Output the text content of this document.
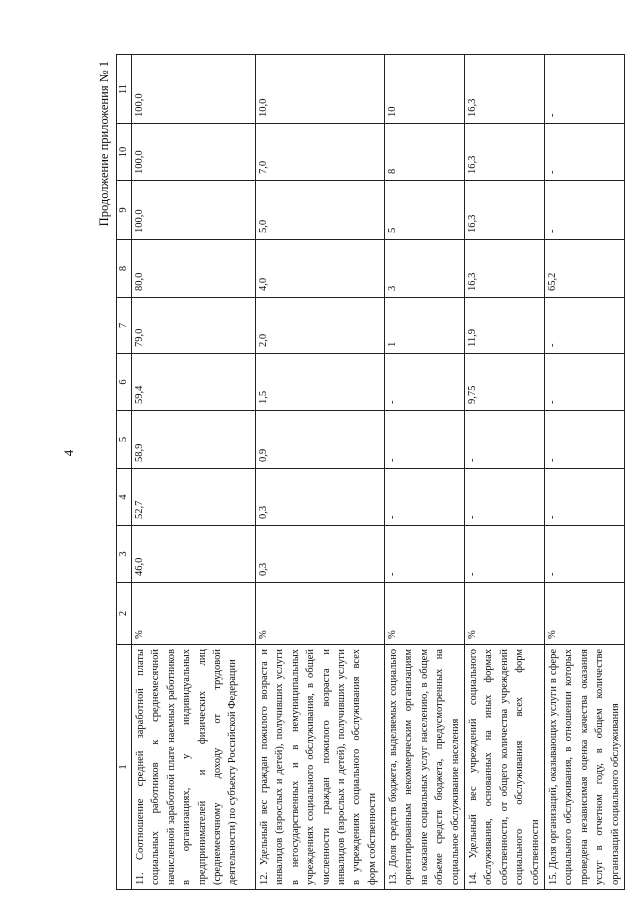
4
Продолжение приложения № 1
1	2	3	4	5	6	7	8	9	10	11
11. Соотношение средней заработной платы социальных работников к среднемесячной начисленной заработной плате наемных работников в организациях, у индивидуальных предпринимателей и физических лиц (среднемесячному доходу от трудовой деятельности) по субъекту Российской Федерации	%	46,0	52,7	58,9	59,4	79,0	80,0	100,0	100,0	100,0
12. Удельный вес граждан пожилого возраста и инвалидов (взрослых и детей), получивших услуги в негосударственных и в немуниципальных учреждениях социального обслуживания, в общей численности граждан пожилого возраста и инвалидов (взрослых и детей), получивших услуги в учреждениях социального обслуживания всех форм собственности	%	0,3	0,3	0,9	1,5	2,0	4,0	5,0	7,0	10,0
13. Доля средств бюджета, выделяемых социально ориентированным некоммерческим организациям на оказание социальных услуг населению, в общем объеме средств бюджета, предусмотренных на социальное обслуживание населения	%	-	-	-	-	1	3	5	8	10
14. Удельный вес учреждений социального обслуживания, основанных на иных формах собственности, от общего количества учреждений социального обслуживания всех форм собственности	%	-	-	-	9,75	11,9	16,3	16,3	16,3	16,3
15. Доля организаций, оказывающих услуги в сфере социального обслуживания, в отношении которых проведена независимая оценка качества оказания услуг в отчетном году, в общем количестве организаций социального обслуживания	%	-	-	-	-	-	65,2	-	-	-
